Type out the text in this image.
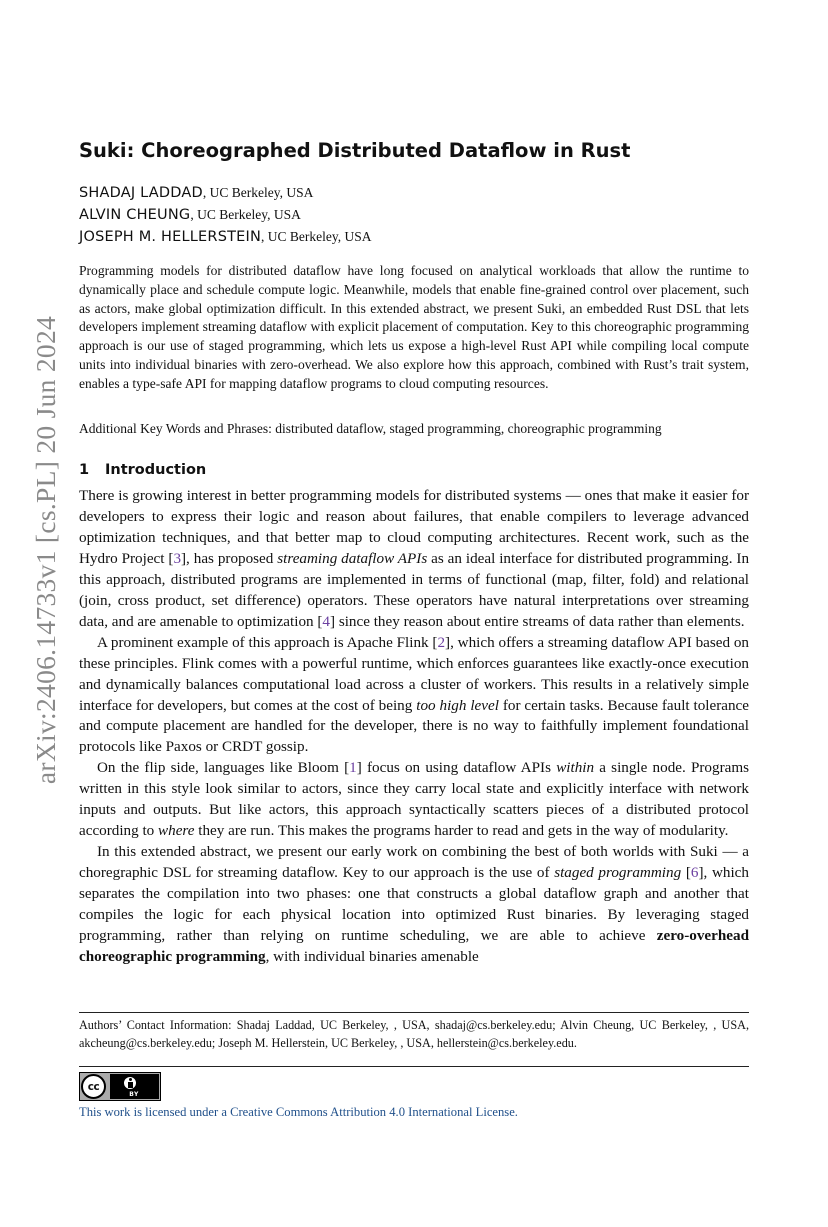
arXiv:2406.14733v1 [cs.PL] 20 Jun 2024
Suki: Choreographed Distributed Dataflow in Rust
SHADAJ LADDAD, UC Berkeley, USA
ALVIN CHEUNG, UC Berkeley, USA
JOSEPH M. HELLERSTEIN, UC Berkeley, USA

Programming models for distributed dataflow have long focused on analytical workloads that allow the runtime to dynamically place and schedule compute logic. Meanwhile, models that enable fine-grained control over placement, such as actors, make global optimization difficult. In this extended abstract, we present Suki, an embedded Rust DSL that lets developers implement streaming dataflow with explicit placement of computation. Key to this choreographic programming approach is our use of staged programming, which lets us expose a high-level Rust API while compiling local compute units into individual binaries with zero-overhead. We also explore how this approach, combined with Rust’s trait system, enables a type-safe API for mapping dataflow programs to cloud computing resources.

Additional Key Words and Phrases: distributed dataflow, staged programming, choreographic programming

1 Introduction

There is growing interest in better programming models for distributed systems — ones that make it easier for developers to express their logic and reason about failures, that enable compilers to leverage advanced optimization techniques, and that better map to cloud computing architectures. Recent work, such as the Hydro Project [3], has proposed streaming dataflow APIs as an ideal interface for distributed programming. In this approach, distributed programs are implemented in terms of functional (map, filter, fold) and relational (join, cross product, set difference) operators. These operators have natural interpretations over streaming data, and are amenable to optimization [4] since they reason about entire streams of data rather than elements.

A prominent example of this approach is Apache Flink [2], which offers a streaming dataflow API based on these principles. Flink comes with a powerful runtime, which enforces guarantees like exactly-once execution and dynamically balances computational load across a cluster of workers. This results in a relatively simple interface for developers, but comes at the cost of being too high level for certain tasks. Because fault tolerance and compute placement are handled for the developer, there is no way to faithfully implement foundational protocols like Paxos or CRDT gossip.

On the flip side, languages like Bloom [1] focus on using dataflow APIs within a single node. Programs written in this style look similar to actors, since they carry local state and explicitly interface with network inputs and outputs. But like actors, this approach syntactically scatters pieces of a distributed protocol according to where they are run. This makes the programs harder to read and gets in the way of modularity.

In this extended abstract, we present our early work on combining the best of both worlds with Suki — a choregraphic DSL for streaming dataflow. Key to our approach is the use of staged programming [6], which separates the compilation into two phases: one that constructs a global dataflow graph and another that compiles the logic for each physical location into optimized Rust binaries. By leveraging staged programming, rather than relying on runtime scheduling, we are able to achieve zero-overhead choreographic programming, with individual binaries amenable

Authors’ Contact Information: Shadaj Laddad, UC Berkeley, , USA, shadaj@cs.berkeley.edu; Alvin Cheung, UC Berkeley, , USA, akcheung@cs.berkeley.edu; Joseph M. Hellerstein, UC Berkeley, , USA, hellerstein@cs.berkeley.edu.

cc
BY
This work is licensed under a Creative Commons Attribution 4.0 International License.
